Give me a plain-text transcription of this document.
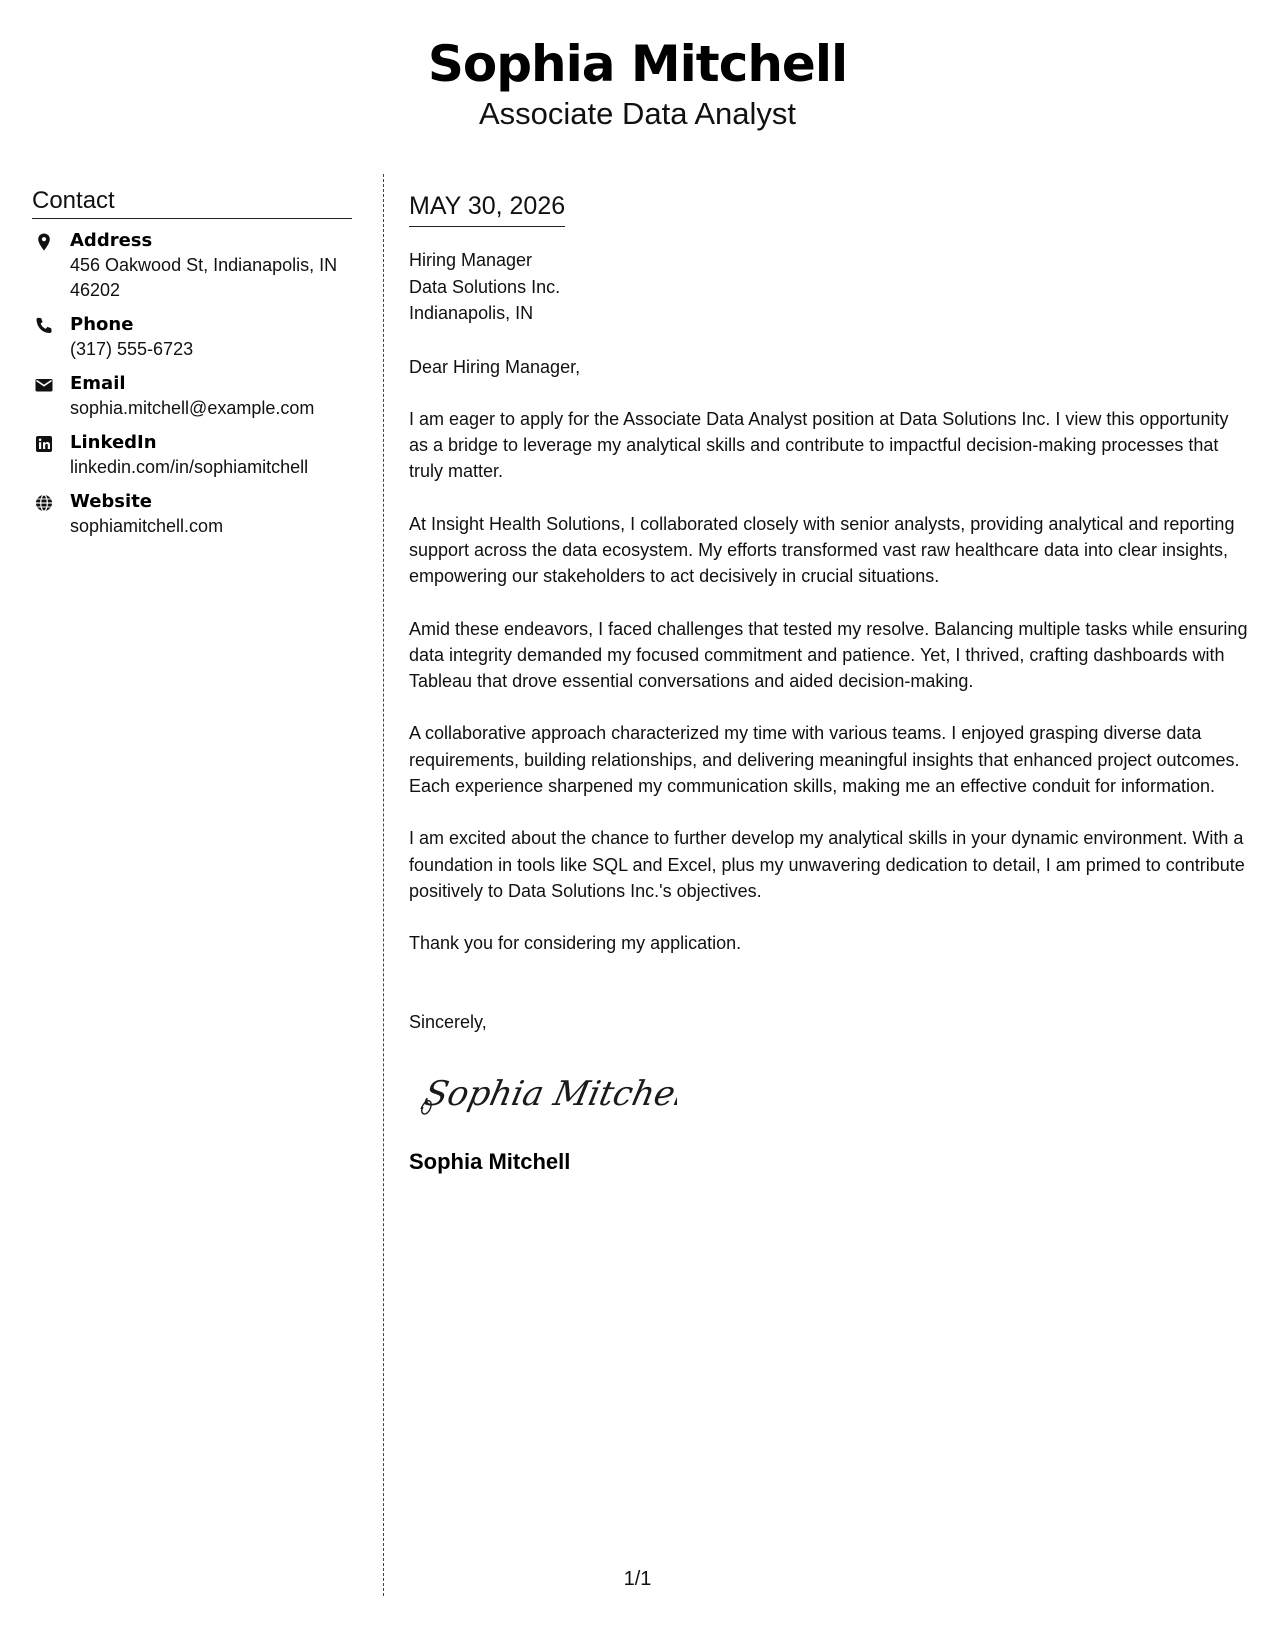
Sophia Mitchell
Associate Data Analyst
Contact
Address
456 Oakwood St, Indianapolis, IN 46202
Phone
(317) 555-6723
Email
sophia.mitchell@example.com
LinkedIn
linkedin.com/in/sophiamitchell
Website
sophiamitchell.com
MAY 30, 2026
Hiring Manager
Data Solutions Inc.
Indianapolis, IN
Dear Hiring Manager,
I am eager to apply for the Associate Data Analyst position at Data Solutions Inc. I view this opportunity as a bridge to leverage my analytical skills and contribute to impactful decision-making processes that truly matter.
At Insight Health Solutions, I collaborated closely with senior analysts, providing analytical and reporting support across the data ecosystem. My efforts transformed vast raw healthcare data into clear insights, empowering our stakeholders to act decisively in crucial situations.
Amid these endeavors, I faced challenges that tested my resolve. Balancing multiple tasks while ensuring data integrity demanded my focused commitment and patience. Yet, I thrived, crafting dashboards with Tableau that drove essential conversations and aided decision-making.
A collaborative approach characterized my time with various teams. I enjoyed grasping diverse data requirements, building relationships, and delivering meaningful insights that enhanced project outcomes. Each experience sharpened my communication skills, making me an effective conduit for information.
I am excited about the chance to further develop my analytical skills in your dynamic environment. With a foundation in tools like SQL and Excel, plus my unwavering dedication to detail, I am primed to contribute positively to Data Solutions Inc.'s objectives.
Thank you for considering my application.
Sincerely,
Sophia Mitchell
Sophia Mitchell
1/1
